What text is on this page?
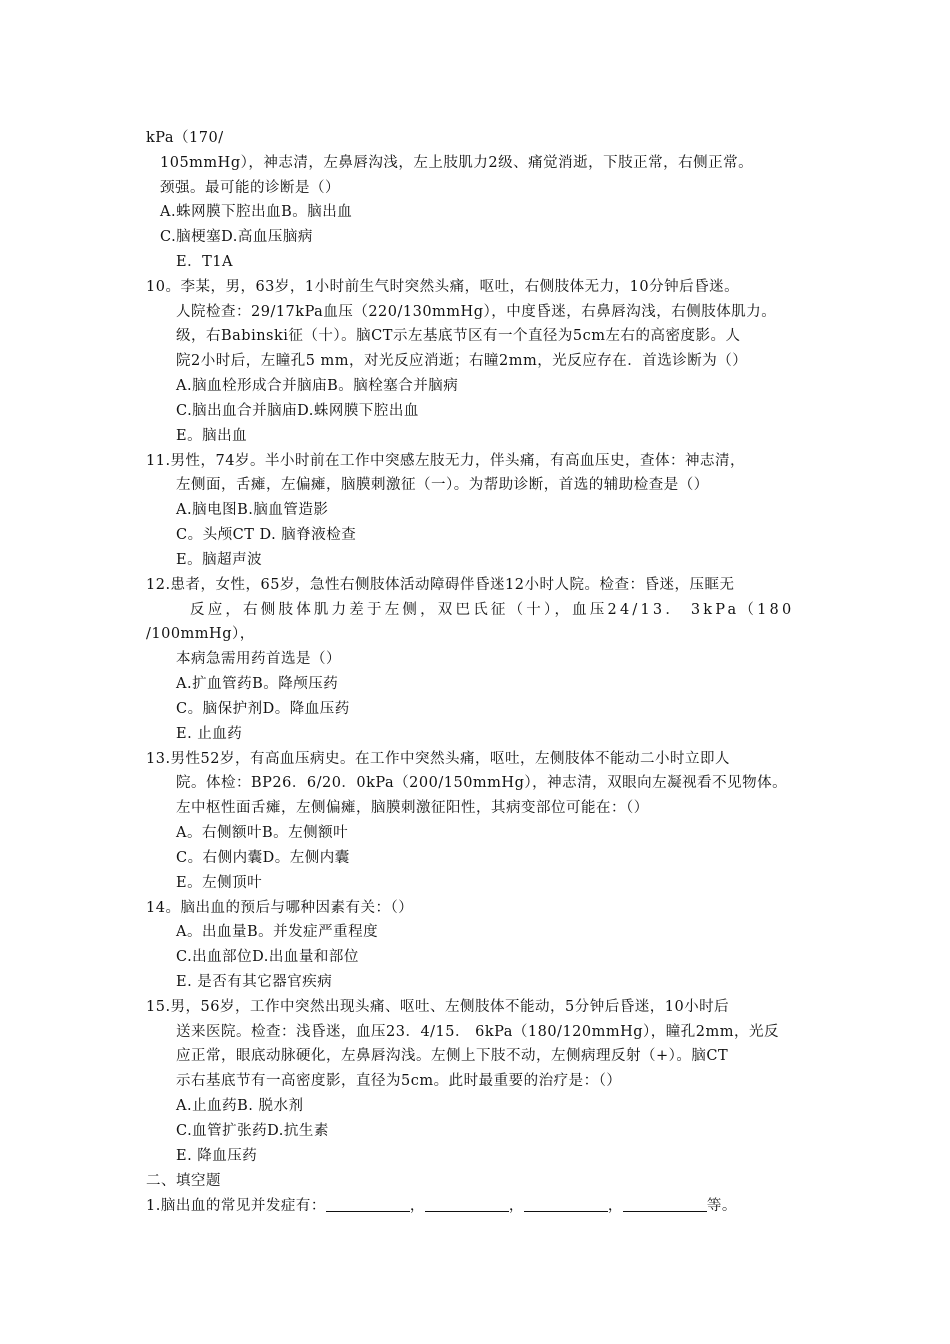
kPa（170/
105mmHg），神志清，左鼻唇沟浅，左上肢肌力2级、痛觉消逝，下肢正常，右侧正常。
颈强。最可能的诊断是（）
A.蛛网膜下腔出血B。脑出血
C.脑梗塞D.高血压脑病
E．T1A
10。李某，男，63岁，1小时前生气时突然头痛，呕吐，右侧肢体无力，10分钟后昏迷。
人院检查：29/17kPa血压（220/130mmHg），中度昏迷，右鼻唇沟浅，右侧肢体肌力。
级，右Babinski征（十）。脑CT示左基底节区有一个直径为5cm左右的高密度影。人
院2小时后，左瞳孔5 mm，对光反应消逝；右瞳2mm，光反应存在．首选诊断为（）
A.脑血栓形成合并脑庙B。脑栓塞合并脑病
C.脑出血合并脑庙D.蛛网膜下腔出血
E。脑出血
11.男性，74岁。半小时前在工作中突感左肢无力，伴头痛，有高血压史，查体：神志清，
左侧面，舌瘫，左偏瘫，脑膜刺激征（一）。为帮助诊断，首选的辅助检查是（）
A.脑电图B.脑血管造影
C。头颅CT D. 脑脊液检查
E。脑超声波
12.患者，女性，65岁，急性右侧肢体活动障碍伴昏迷12小时人院。检查：昏迷，压眶无
反应，右侧肢体肌力差于左侧，双巴氏征（十），血压24/13． 3kPa（180
/100mmHg），
本病急需用药首选是（）
A.扩血管药B。降颅压药
C。脑保护剂D。降血压药
E. 止血药
13.男性52岁，有高血压病史。在工作中突然头痛，呕吐，左侧肢体不能动二小时立即人
院。体检：BP26．6/20．0kPa（200/150mmHg），神志清，双眼向左凝视看不见物体。
左中枢性面舌瘫，左侧偏瘫，脑膜刺激征阳性，其病变部位可能在：（）
A。右侧额叶B。左侧额叶
C。右侧内囊D。左侧内囊
E。左侧顶叶
14。脑出血的预后与哪种因素有关：（）
A。出血量B。并发症严重程度
C.出血部位D.出血量和部位
E. 是否有其它器官疾病
15.男，56岁，工作中突然出现头痛、呕吐、左侧肢体不能动，5分钟后昏迷，10小时后
送来医院。检查：浅昏迷，血压23．4/15． 6kPa（180/120mmHg），瞳孔2mm，光反
应正常，眼底动脉硬化，左鼻唇沟浅。左侧上下肢不动，左侧病理反射（+）。脑CT
示右基底节有一高密度影，直径为5cm。此时最重要的治疗是：（）
A.止血药B. 脱水剂
C.血管扩张药D.抗生素
E. 降血压药
二、填空题
1.脑出血的常见并发症有：	，	，	，	等。
